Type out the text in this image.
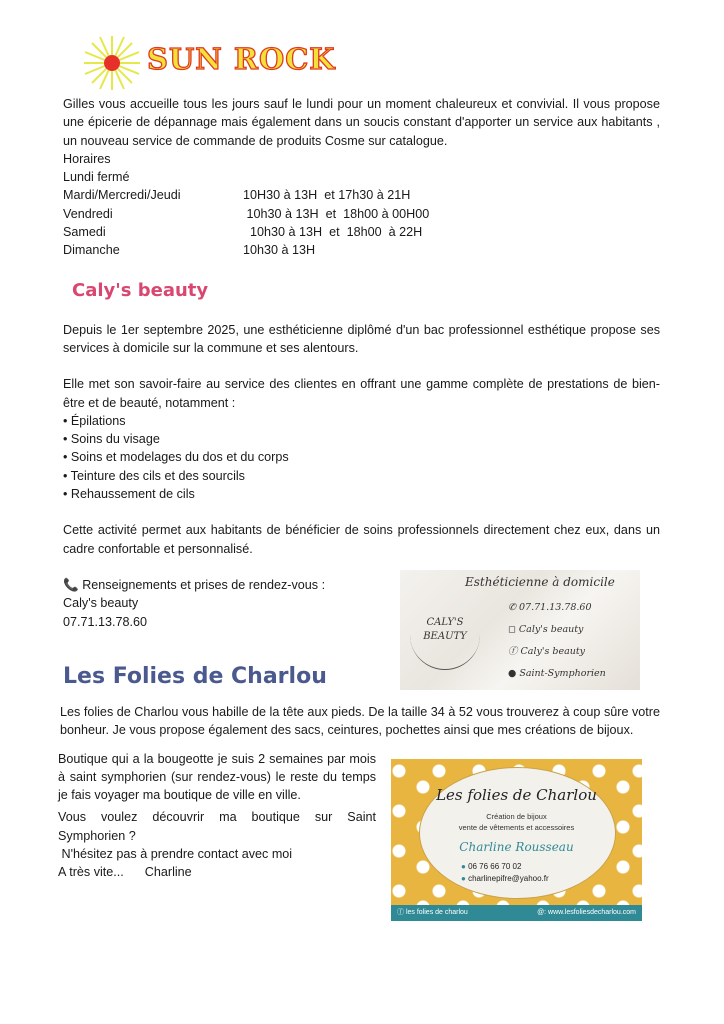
SUN ROCK

Gilles vous accueille tous les jours sauf le lundi pour un moment chaleureux et convivial. Il vous propose une épicerie de dépannage mais également dans un soucis constant d'apporter un service aux habitants , un nouveau service de commande de produits Cosme sur catalogue.

Horaires
Lundi fermé
Mardi/Mercredi/Jeudi	10H30 à 13H  et 17h30 à 21H
Vendredi	10h30 à 13H  et  18h00 à 00H00
Samedi	10h30 à 13H  et  18h00  à 22H
Dimanche	10h30 à 13H
Caly's beauty

Depuis le 1er septembre 2025, une esthéticienne diplômé d'un bac professionnel esthétique propose ses services à domicile sur la commune et ses alentours.

Elle met son savoir-faire au service des clientes en offrant une gamme complète de prestations de bien-être et de beauté, notamment :

• Épilations
• Soins du visage
• Soins et modelages du dos et du corps
• Teinture des cils et des sourcils
• Rehaussement de cils

Cette activité permet aux habitants de bénéficier de soins professionnels directement chez eux, dans un cadre confortable et personnalisé.

📞 Renseignements et prises de rendez-vous :
Caly's beauty
07.71.13.78.60
Esthéticienne à domicile
CALY'S BEAUTY
✆ 07.71.13.78.60
◻ Caly's beauty
ⓕ Caly's beauty
● Saint-Symphorien
Les Folies de Charlou

Les folies de Charlou vous habille de la tête aux pieds. De la taille 34 à 52 vous trouverez à coup sûre votre bonheur. Je vous propose également des sacs, ceintures, pochettes ainsi que mes créations de bijoux.

Boutique qui a la bougeotte je suis 2 semaines par mois à saint symphorien (sur rendez-vous) le reste du temps je fais voyager ma boutique de ville en ville.

Vous voulez découvrir ma boutique sur Saint Symphorien ?

N'hésitez pas à prendre contact avec moi
A très vite...      Charline
Les folies de Charlou
Création de bijoux
vente de vêtements et accessoires
Charline Rousseau
● 06 76 66 70 02
● charlinepifre@yahoo.fr
ⓕ les folies de charlou	@: www.lesfoliesdecharlou.com
